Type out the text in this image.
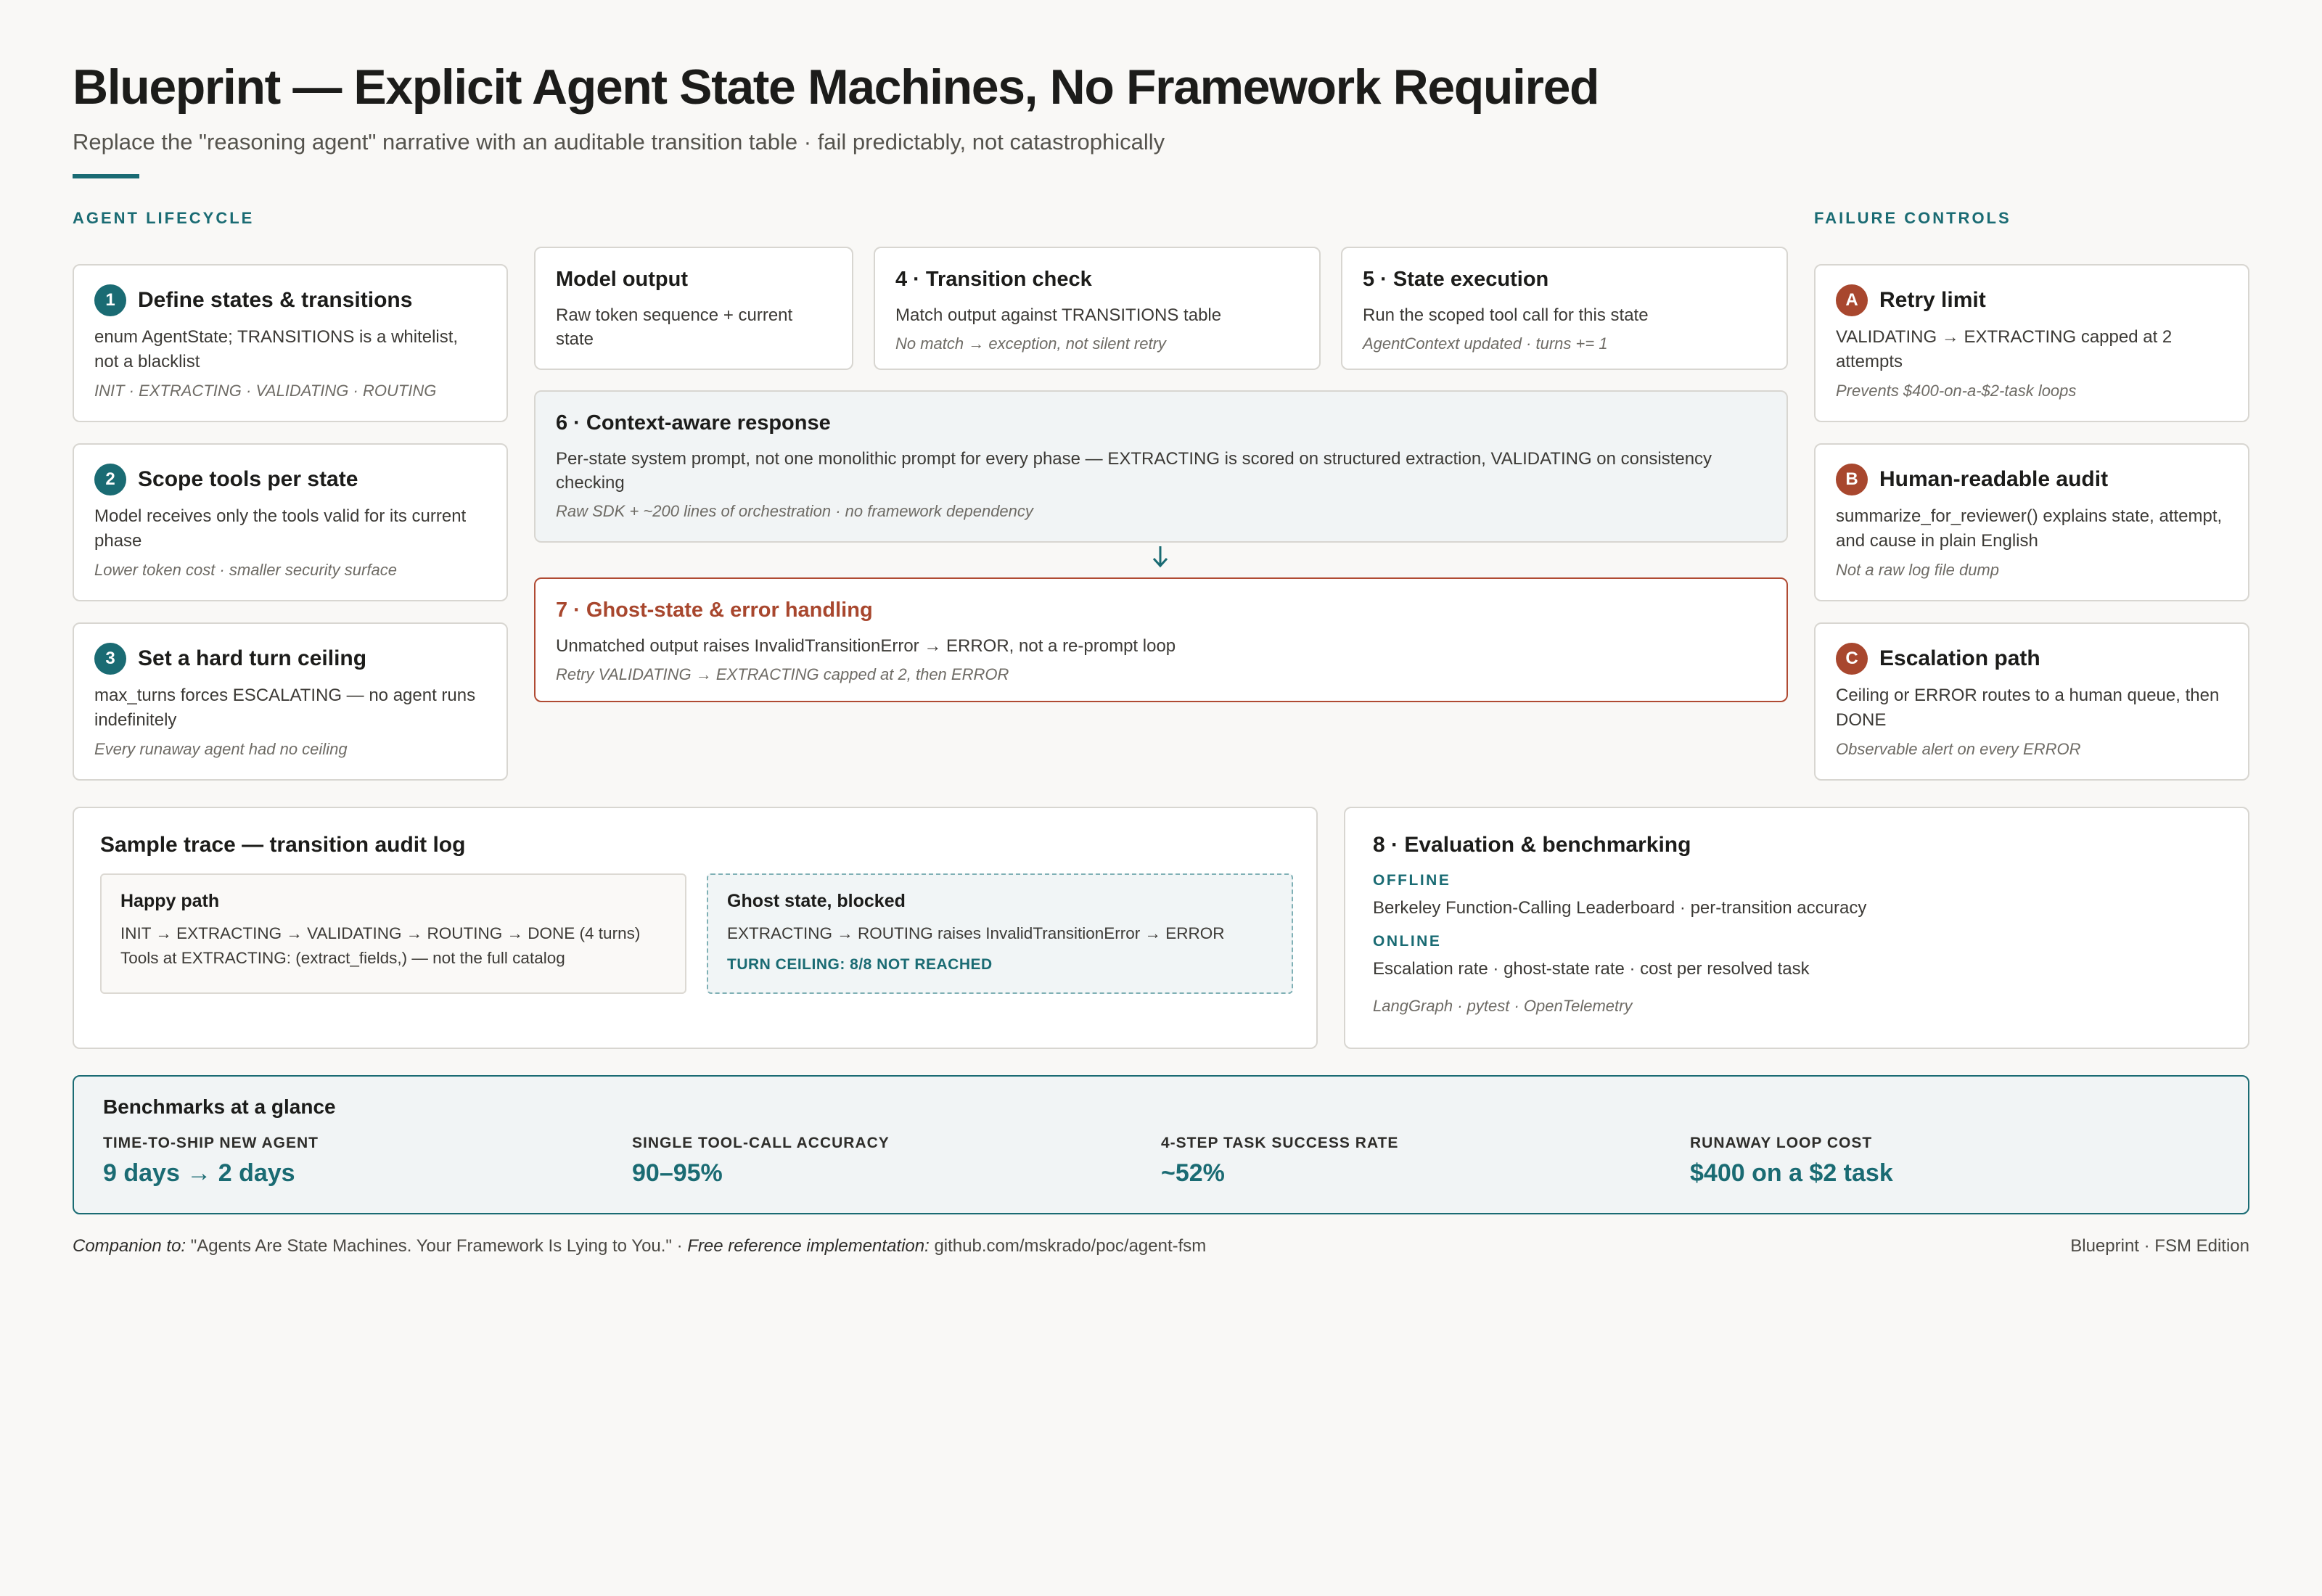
Blueprint — Explicit Agent State Machines, No Framework Required
Replace the "reasoning agent" narrative with an auditable transition table · fail predictably, not catastrophically
AGENT LIFECYCLE
1	Define states & transitions
enum AgentState; TRANSITIONS is a whitelist, not a blacklist
INIT · EXTRACTING · VALIDATING · ROUTING
2	Scope tools per state
Model receives only the tools valid for its current phase
Lower token cost · smaller security surface
3	Set a hard turn ceiling
max_turns forces ESCALATING — no agent runs indefinitely
Every runaway agent had no ceiling
Model output
Raw token sequence + current state
4 · Transition check
Match output against TRANSITIONS table
No match → exception, not silent retry
5 · State execution
Run the scoped tool call for this state
AgentContext updated · turns += 1
6 · Context-aware response
Per-state system prompt, not one monolithic prompt for every phase — EXTRACTING is scored on structured extraction, VALIDATING on consistency checking
Raw SDK + ~200 lines of orchestration · no framework dependency
7 · Ghost-state & error handling
Unmatched output raises InvalidTransitionError → ERROR, not a re-prompt loop
Retry VALIDATING → EXTRACTING capped at 2, then ERROR
FAILURE CONTROLS
A Retry limit
VALIDATING → EXTRACTING capped at 2 attempts
Prevents $400-on-a-$2-task loops
B Human-readable audit
summarize_for_reviewer() explains state, attempt, and cause in plain English
Not a raw log file dump
C Escalation path
Ceiling or ERROR routes to a human queue, then DONE
Observable alert on every ERROR
Sample trace — transition audit log
Happy path
INIT → EXTRACTING → VALIDATING → ROUTING → DONE (4 turns)
Tools at EXTRACTING: (extract_fields,) — not the full catalog
Ghost state, blocked
EXTRACTING → ROUTING raises InvalidTransitionError → ERROR
TURN CEILING: 8/8 NOT REACHED
8 · Evaluation & benchmarking
OFFLINE
Berkeley Function-Calling Leaderboard · per-transition accuracy
ONLINE
Escalation rate · ghost-state rate · cost per resolved task
LangGraph · pytest · OpenTelemetry
Benchmarks at a glance
TIME-TO-SHIP NEW AGENT
9 days → 2 days
SINGLE TOOL-CALL ACCURACY
90–95%
4-STEP TASK SUCCESS RATE
~52%
RUNAWAY LOOP COST
$400 on a $2 task
Companion to: "Agents Are State Machines. Your Framework Is Lying to You." · Free reference implementation: github.com/mskrado/poc/agent-fsm	Blueprint · FSM Edition
